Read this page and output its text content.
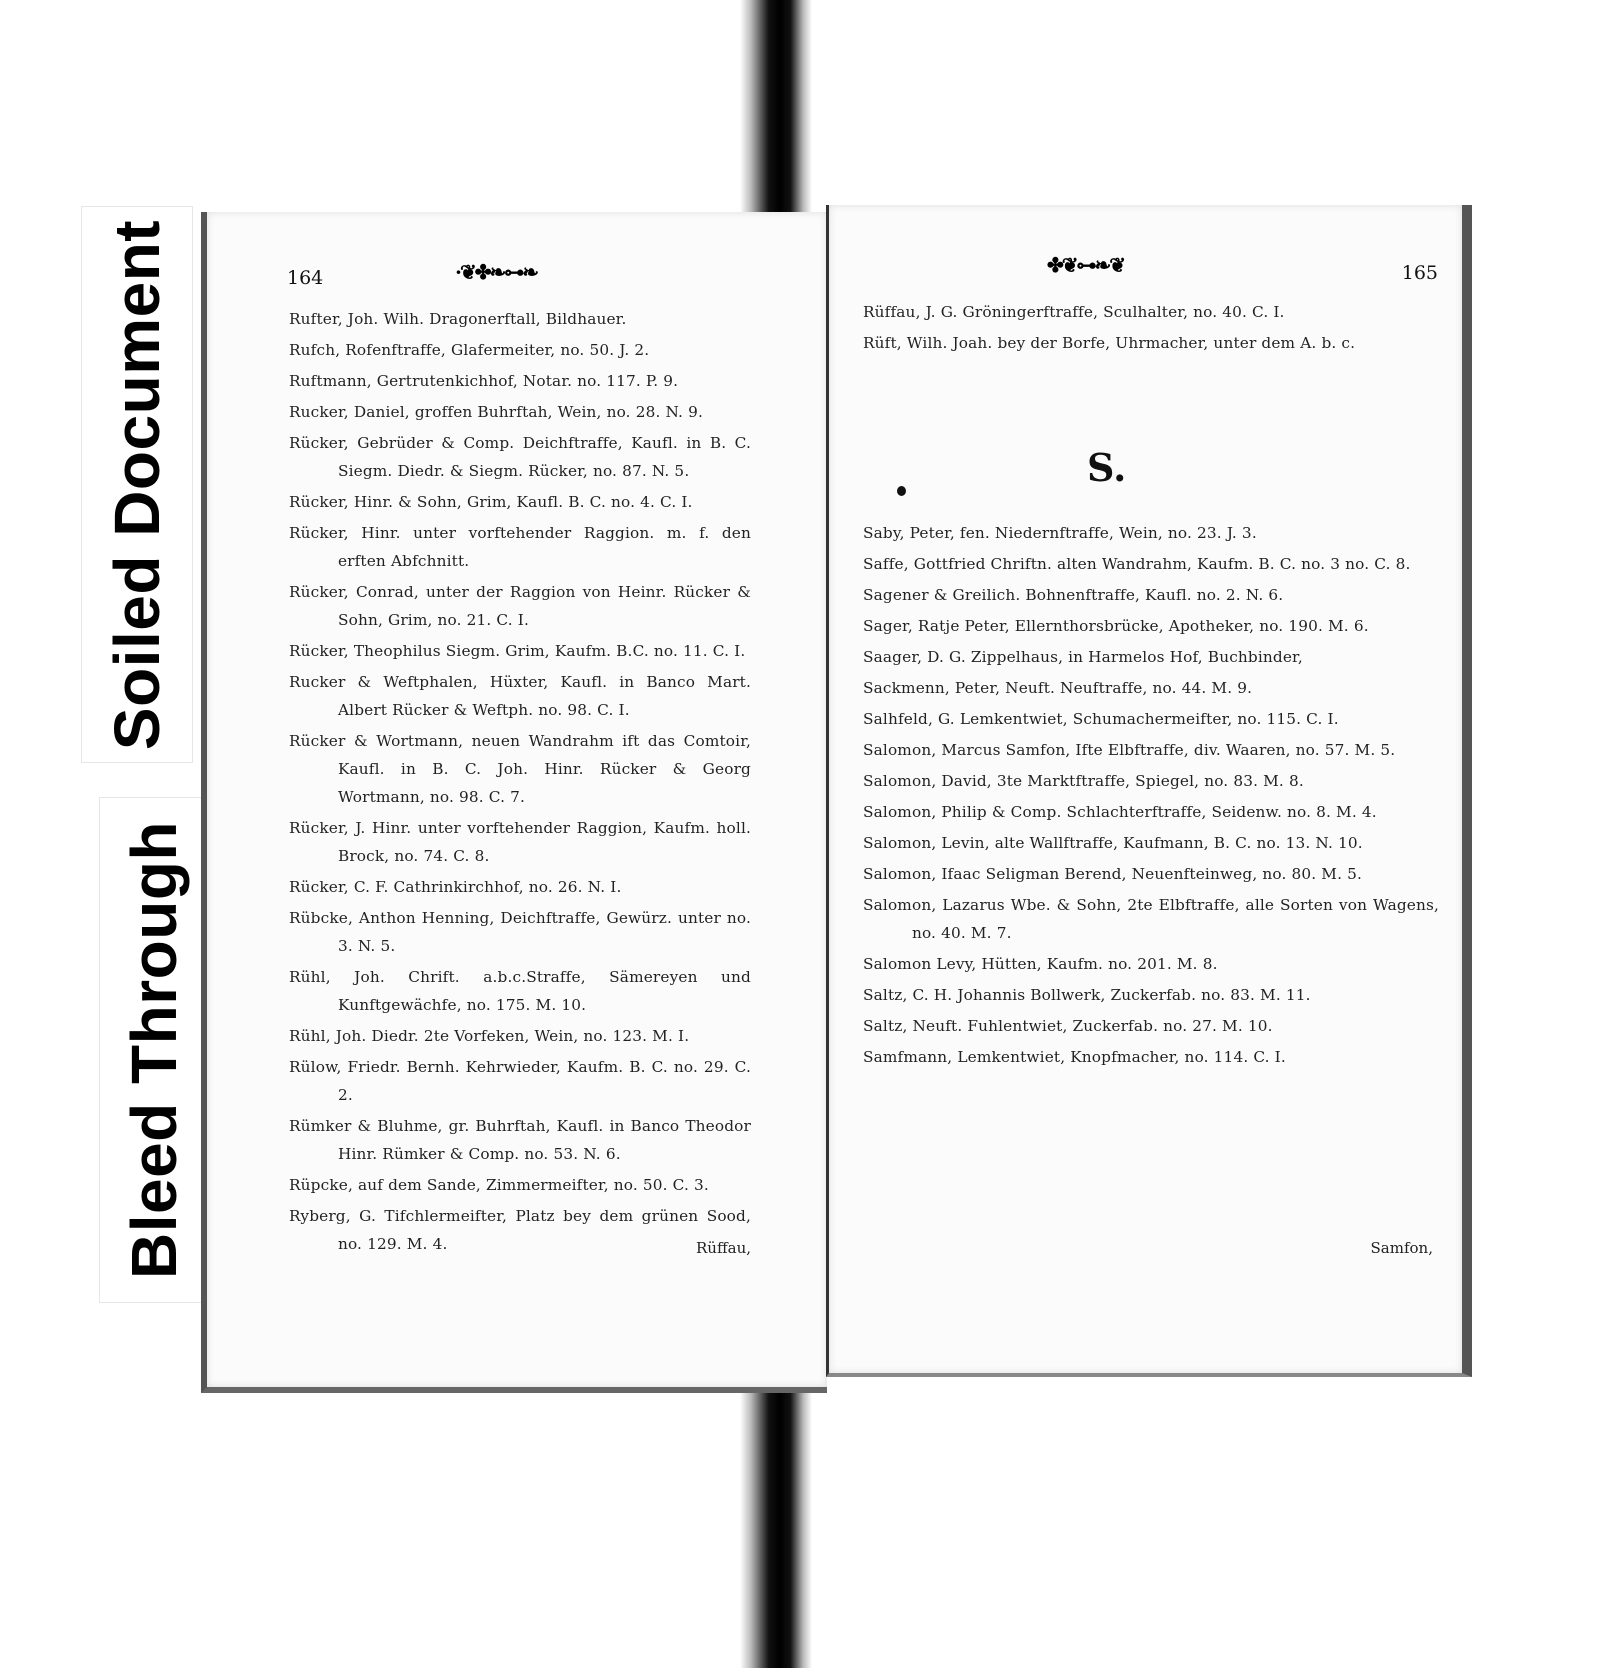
Soiled Document
Bleed Through
164	·❦✤❧⊶❧
Rufter, Joh. Wilh. Dragonerftall, Bildhauer.
Rufch, Rofenftraffe, Glafermeiter, no. 50. J. 2.
Ruftmann, Gertrutenkichhof, Notar. no. 117. P. 9.
Rucker, Daniel, groffen Buhrftah, Wein, no. 28. N. 9.
Rücker, Gebrüder & Comp. Deichftraffe, Kaufl. in B. C. Siegm. Diedr. & Siegm. Rücker, no. 87. N. 5.
Rücker, Hinr. & Sohn, Grim, Kaufl. B. C. no. 4. C. I.
Rücker, Hinr. unter vorftehender Raggion. m. f. den erften Abfchnitt.
Rücker, Conrad, unter der Raggion von Heinr. Rücker & Sohn, Grim, no. 21. C. I.
Rücker, Theophilus Siegm. Grim, Kaufm. B.C. no. 11. C. I.
Rucker & Weftphalen, Hüxter, Kaufl. in Banco Mart. Albert Rücker & Weftph. no. 98. C. I.
Rücker & Wortmann, neuen Wandrahm ift das Comtoir, Kaufl. in B. C. Joh. Hinr. Rücker & Georg Wortmann, no. 98. C. 7.
Rücker, J. Hinr. unter vorftehender Raggion, Kaufm. holl. Brock, no. 74. C. 8.
Rücker, C. F. Cathrinkirchhof, no. 26. N. I.
Rübcke, Anthon Henning, Deichftraffe, Gewürz. unter no. 3. N. 5.
Rühl, Joh. Chrift. a.b.c.Straffe, Sämereyen und Kunftgewächfe, no. 175. M. 10.
Rühl, Joh. Diedr. 2te Vorfeken, Wein, no. 123. M. I.
Rülow, Friedr. Bernh. Kehrwieder, Kaufm. B. C. no. 29. C. 2.
Rümker & Bluhme, gr. Buhrftah, Kaufl. in Banco Theodor Hinr. Rümker & Comp. no. 53. N. 6.
Rüpcke, auf dem Sande, Zimmermeifter, no. 50. C. 3.
Ryberg, G. Tifchlermeifter, Platz bey dem grünen Sood, no. 129. M. 4.	Rüffau,
165
✤❦⊶❧❦
Rüffau, J. G. Gröningerftraffe, Sculhalter, no. 40. C. I.
Rüft, Wilh. Joah. bey der Borfe, Uhrmacher, unter dem A. b. c.
S.
Saby, Peter, fen. Niedernftraffe, Wein, no. 23. J. 3.
Saffe, Gottfried Chriftn. alten Wandrahm, Kaufm. B. C. no. 3 no. C. 8.
Sagener & Greilich. Bohnenftraffe, Kaufl. no. 2. N. 6.
Sager, Ratje Peter, Ellernthorsbrücke, Apotheker, no. 190. M. 6.
Saager, D. G. Zippelhaus, in Harmelos Hof, Buchbinder,
Sackmenn, Peter, Neuft. Neuftraffe, no. 44. M. 9.
Salhfeld, G. Lemkentwiet, Schumachermeifter, no. 115. C. I.
Salomon, Marcus Samfon, Ifte Elbftraffe, div. Waaren, no. 57. M. 5.
Salomon, David, 3te Marktftraffe, Spiegel, no. 83. M. 8.
Salomon, Philip & Comp. Schlachterftraffe, Seidenw. no. 8. M. 4.
Salomon, Levin, alte Wallftraffe, Kaufmann, B. C. no. 13. N. 10.
Salomon, Ifaac Seligman Berend, Neuenfteinweg, no. 80. M. 5.
Salomon, Lazarus Wbe. & Sohn, 2te Elbftraffe, alle Sorten von Wagens, no. 40. M. 7.
Salomon Levy, Hütten, Kaufm. no. 201. M. 8.
Saltz, C. H. Johannis Bollwerk, Zuckerfab. no. 83. M. 11.
Saltz, Neuft. Fuhlentwiet, Zuckerfab. no. 27. M. 10.
Samfmann, Lemkentwiet, Knopfmacher, no. 114. C. I.
Samfon,
